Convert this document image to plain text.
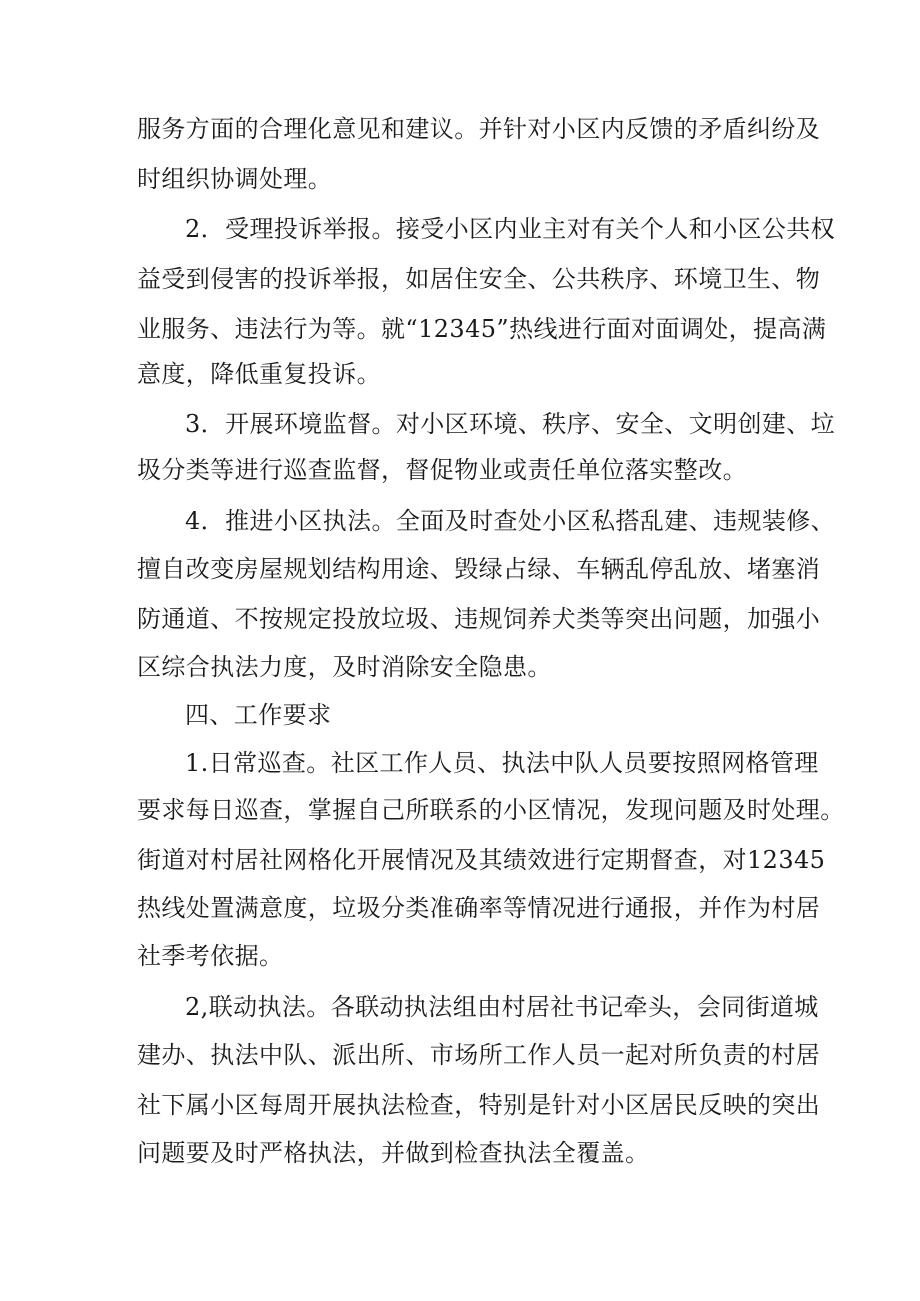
服务方面的合理化意见和建议。并针对小区内反馈的矛盾纠纷及
时组织协调处理。
2．受理投诉举报。接受小区内业主对有关个人和小区公共权
益受到侵害的投诉举报，如居住安全、公共秩序、环境卫生、物
业服务、违法行为等。就“12345”热线进行面对面调处，提高满
意度，降低重复投诉。
3．开展环境监督。对小区环境、秩序、安全、文明创建、垃
圾分类等进行巡查监督，督促物业或责任单位落实整改。
4．推进小区执法。全面及时查处小区私搭乱建、违规装修、
擅自改变房屋规划结构用途、毁绿占绿、车辆乱停乱放、堵塞消
防通道、不按规定投放垃圾、违规饲养犬类等突出问题，加强小
区综合执法力度，及时消除安全隐患。
四、工作要求
1.日常巡查。社区工作人员、执法中队人员要按照网格管理
要求每日巡查，掌握自己所联系的小区情况，发现问题及时处理。
街道对村居社网格化开展情况及其绩效进行定期督查，对12345
热线处置满意度，垃圾分类准确率等情况进行通报，并作为村居
社季考依据。
2,联动执法。各联动执法组由村居社书记牵头，会同街道城
建办、执法中队、派出所、市场所工作人员一起对所负责的村居
社下属小区每周开展执法检查，特别是针对小区居民反映的突出
问题要及时严格执法，并做到检查执法全覆盖。
